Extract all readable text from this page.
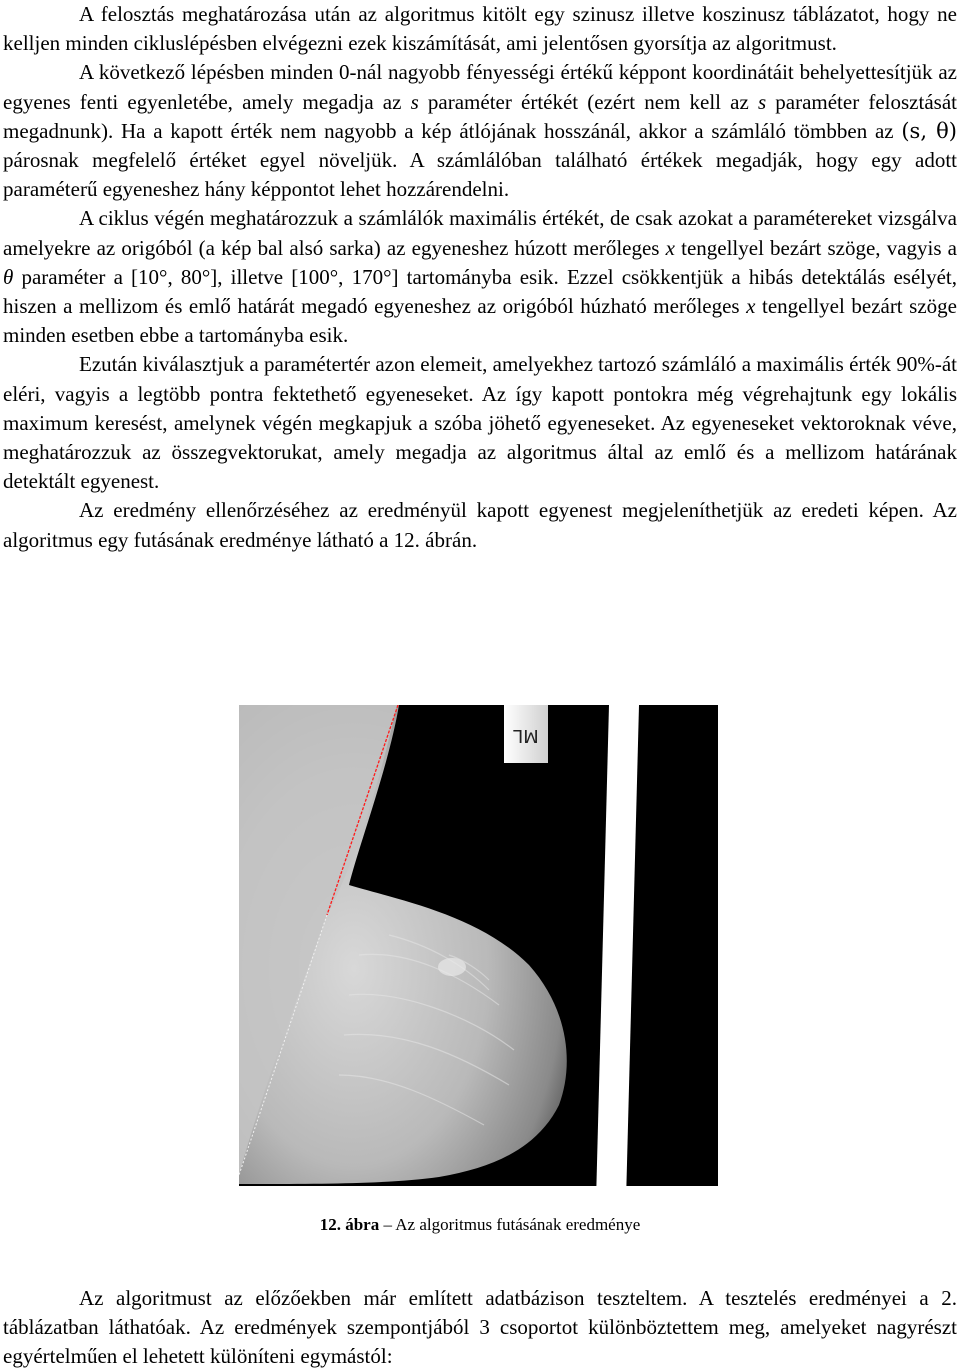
A felosztás meghatározása után az algoritmus kitölt egy szinusz illetve koszinusz táblázatot, hogy ne kelljen minden cikluslépésben elvégezni ezek kiszámítását, ami jelentősen gyorsítja az algoritmust.

A következő lépésben minden 0-nál nagyobb fényességi értékű képpont koordinátáit behelyettesítjük az egyenes fenti egyenletébe, amely megadja az s paraméter értékét (ezért nem kell az s paraméter felosztását megadnunk). Ha a kapott érték nem nagyobb a kép átlójának hosszánál, akkor a számláló tömbben az (s, θ) párosnak megfelelő értéket egyel növeljük. A számlálóban található értékek megadják, hogy egy adott paraméterű egyeneshez hány képpontot lehet hozzárendelni.

A ciklus végén meghatározzuk a számlálók maximális értékét, de csak azokat a paramétereket vizsgálva amelyekre az origóból (a kép bal alsó sarka) az egyeneshez húzott merőleges x tengellyel bezárt szöge, vagyis a θ paraméter a [10°, 80°], illetve [100°, 170°] tartományba esik. Ezzel csökkentjük a hibás detektálás esélyét, hiszen a mellizom és emlő határát megadó egyeneshez az origóból húzható merőleges x tengellyel bezárt szöge minden esetben ebbe a tartományba esik.

Ezután kiválasztjuk a paramétertér azon elemeit, amelyekhez tartozó számláló a maximális érték 90%-át eléri, vagyis a legtöbb pontra fektethető egyeneseket. Az így kapott pontokra még végrehajtunk egy lokális maximum keresést, amelynek végén megkapjuk a szóba jöhető egyeneseket. Az egyeneseket vektoroknak véve, meghatározzuk az összegvektorukat, amely megadja az algoritmus által az emlő és a mellizom határának detektált egyenest.

Az eredmény ellenőrzéséhez az eredményül kapott egyenest megjeleníthetjük az eredeti képen. Az algoritmus egy futásának eredménye látható a 12. ábrán.

ML
12. ábra – Az algoritmus futásának eredménye

Az algoritmust az előzőekben már említett adatbázison teszteltem. A tesztelés eredményei a 2. táblázatban láthatóak. Az eredmények szempontjából 3 csoportot különböztettem meg, amelyeket nagyrészt egyértelműen el lehetett különíteni egymástól:
